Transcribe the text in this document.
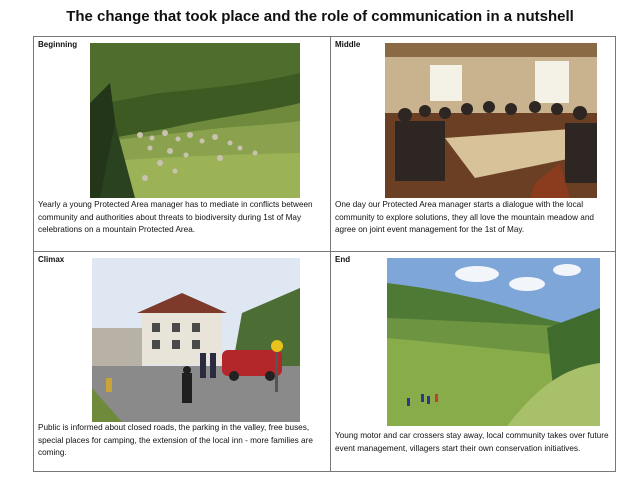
The change that took place and the role of communication in a nutshell
Beginning
Yearly a young Protected Area manager has to mediate in conflicts between community and authorities about threats to biodiversity during 1st of May celebrations on a mountain Protected Area.
Middle
One day our Protected Area manager starts a dialogue with the local community to explore solutions, they all love the mountain meadow and agree on joint event management for the 1st of May.
Climax
Public is informed about closed roads, the parking in the valley, free buses, special places for camping, the extension of the local inn - more families are coming.
End
Young motor and car crossers stay away, local community takes over future event management, villagers start their own conservation initiatives.
